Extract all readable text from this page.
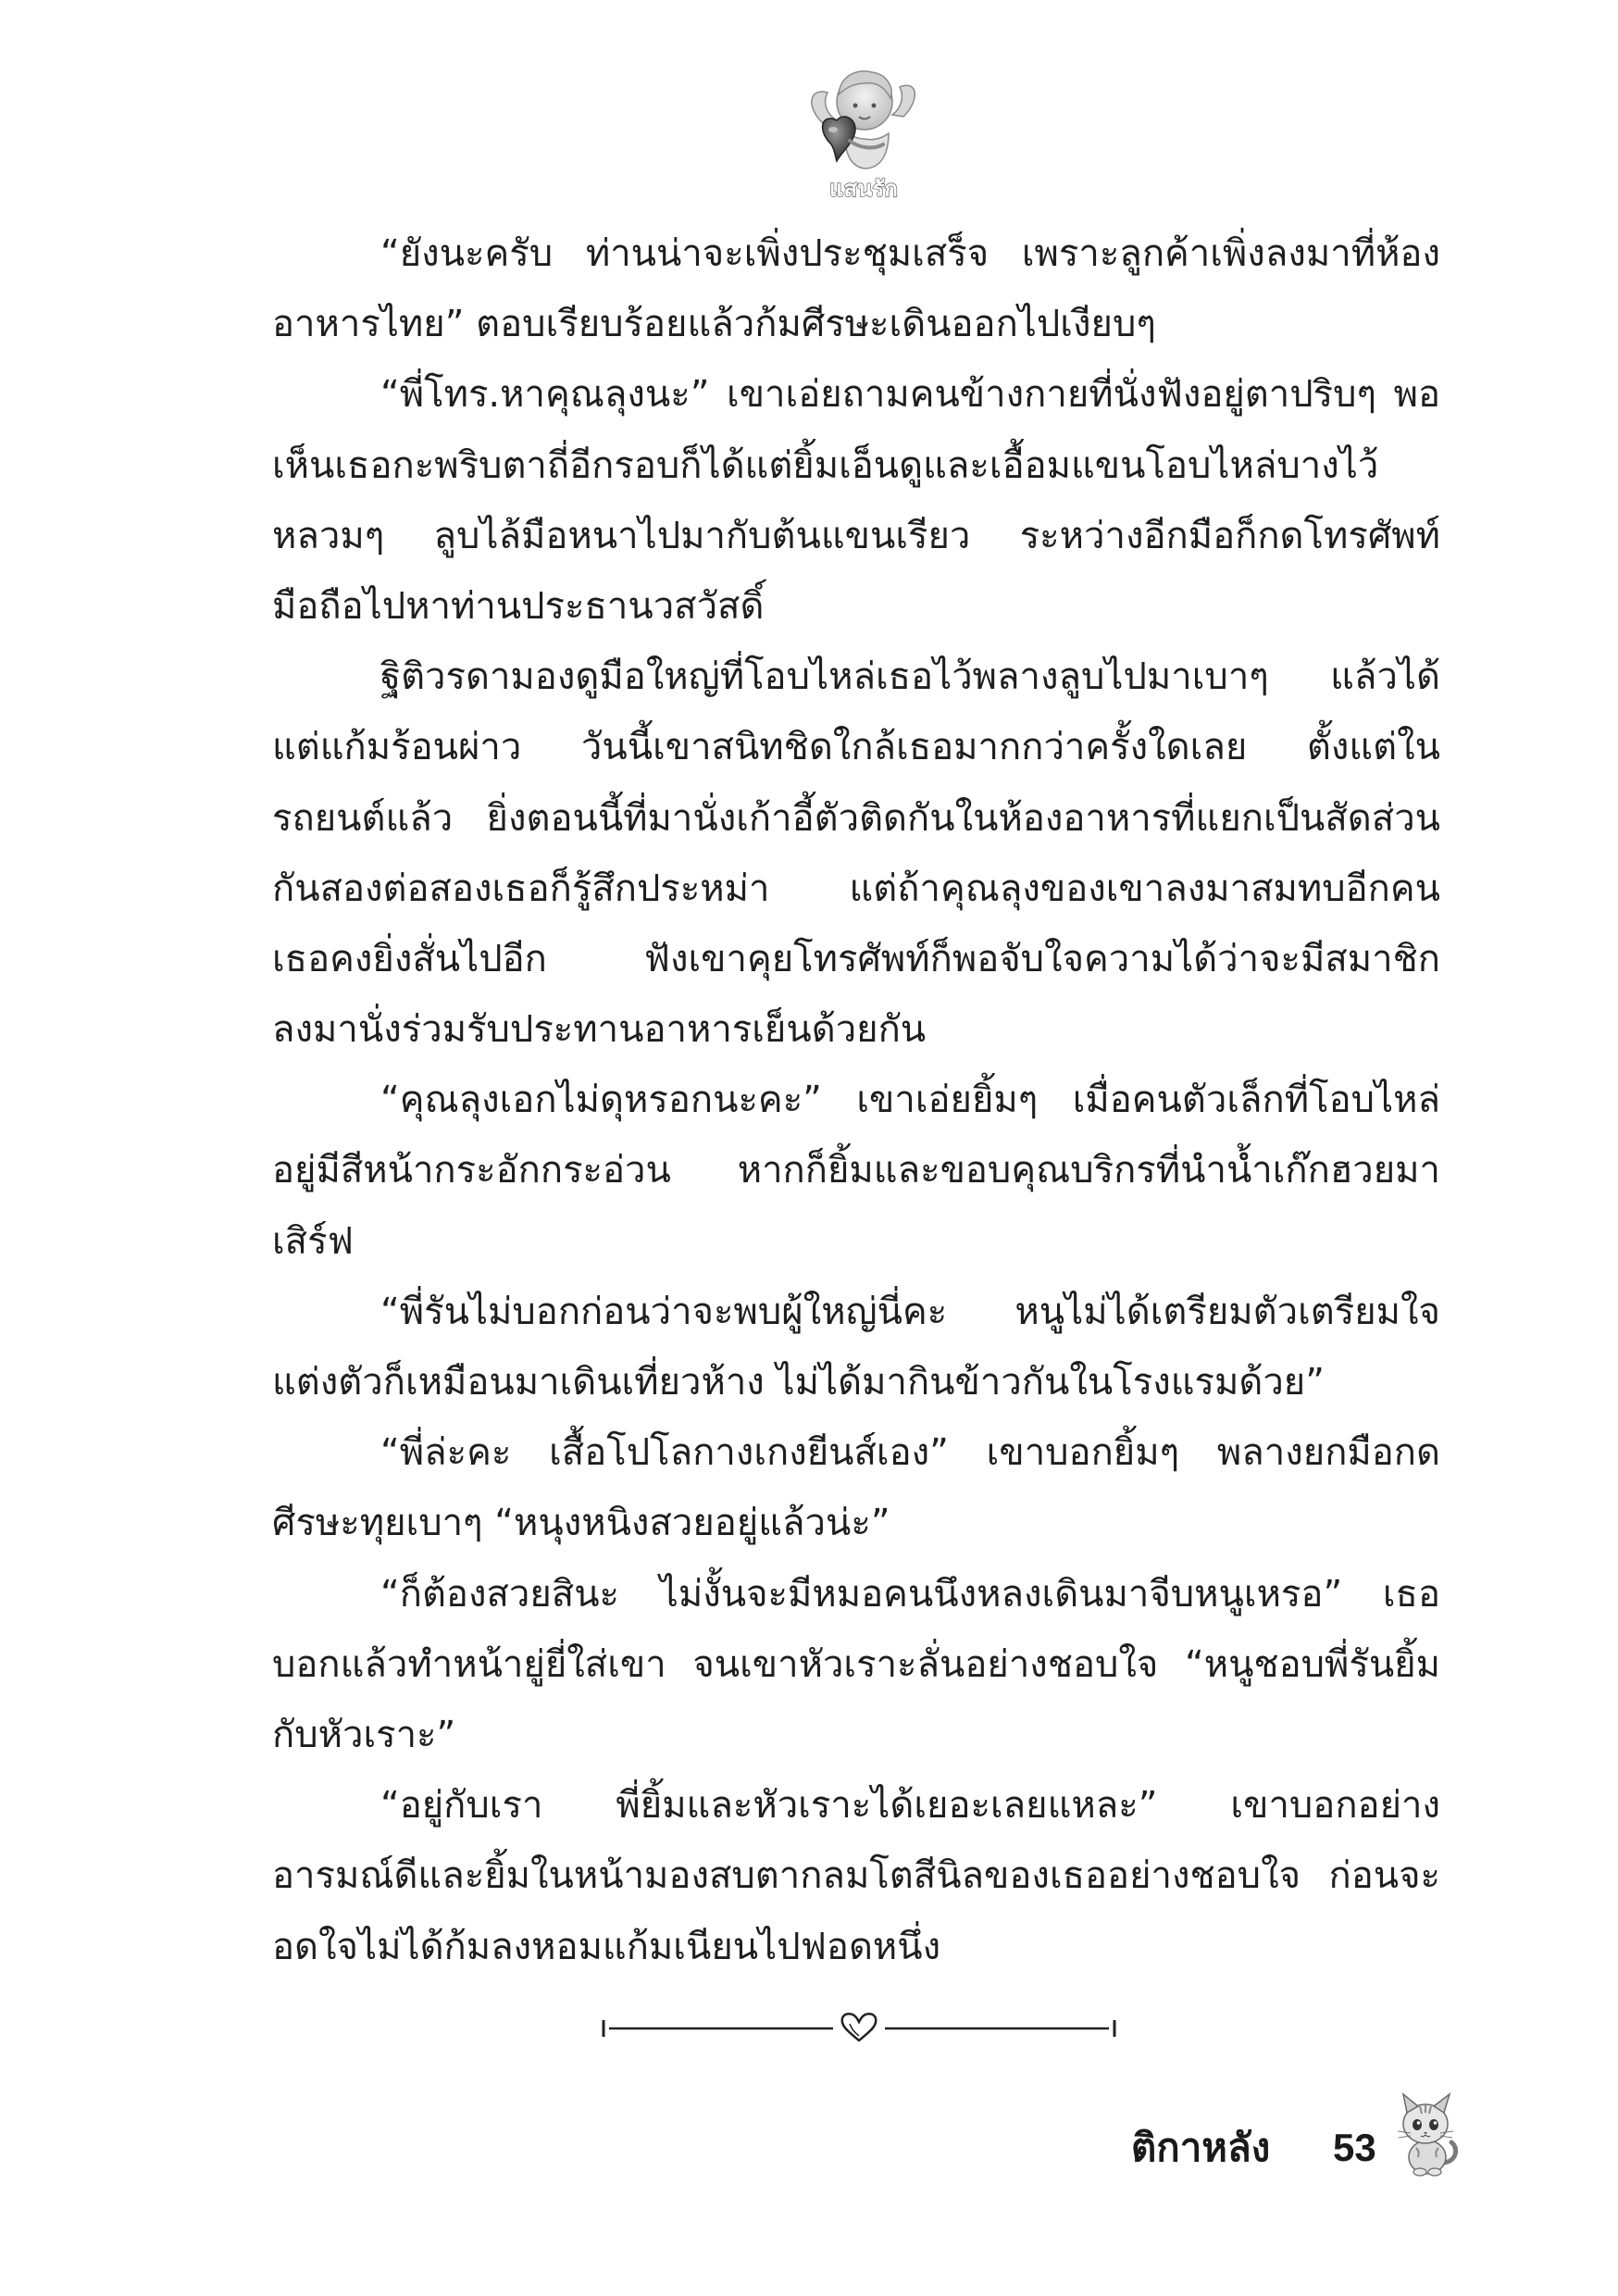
แสนรัก
“ยังนะครับ ท่านน่าจะเพิ่งประชุมเสร็จ เพราะลูกค้าเพิ่งลงมาที่ห้อง
อาหารไทย” ตอบเรียบร้อยแล้วก้มศีรษะเดินออกไปเงียบๆ
“พี่โทร.หาคุณลุงนะ” เขาเอ่ยถามคนข้างกายที่นั่งฟังอยู่ตาปริบๆ พอ
เห็นเธอกะพริบตาถี่อีกรอบก็ได้แต่ยิ้มเอ็นดูและเอื้อมแขนโอบไหล่บางไว้
หลวมๆ ลูบไล้มือหนาไปมากับต้นแขนเรียว ระหว่างอีกมือก็กดโทรศัพท์
มือถือไปหาท่านประธานวสวัสดิ์
ฐิติวรดามองดูมือใหญ่ที่โอบไหล่เธอไว้พลางลูบไปมาเบาๆ แล้วได้
แต่แก้มร้อนผ่าว วันนี้เขาสนิทชิดใกล้เธอมากกว่าครั้งใดเลย ตั้งแต่ใน
รถยนต์แล้ว ยิ่งตอนนี้ที่มานั่งเก้าอี้ตัวติดกันในห้องอาหารที่แยกเป็นสัดส่วน
กันสองต่อสองเธอก็รู้สึกประหม่า แต่ถ้าคุณลุงของเขาลงมาสมทบอีกคน
เธอคงยิ่งสั่นไปอีก ฟังเขาคุยโทรศัพท์ก็พอจับใจความได้ว่าจะมีสมาชิก
ลงมานั่งร่วมรับประทานอาหารเย็นด้วยกัน
“คุณลุงเอกไม่ดุหรอกนะคะ” เขาเอ่ยยิ้มๆ เมื่อคนตัวเล็กที่โอบไหล่
อยู่มีสีหน้ากระอักกระอ่วน หากก็ยิ้มและขอบคุณบริกรที่นำน้ำเก๊กฮวยมา
เสิร์ฟ
“พี่รันไม่บอกก่อนว่าจะพบผู้ใหญ่นี่คะ หนูไม่ได้เตรียมตัวเตรียมใจ
แต่งตัวก็เหมือนมาเดินเที่ยวห้าง ไม่ได้มากินข้าวกันในโรงแรมด้วย”
“พี่ล่ะคะ เสื้อโปโลกางเกงยีนส์เอง” เขาบอกยิ้มๆ พลางยกมือกด
ศีรษะทุยเบาๆ “หนุงหนิงสวยอยู่แล้วน่ะ”
“ก็ต้องสวยสินะ ไม่งั้นจะมีหมอคนนึงหลงเดินมาจีบหนูเหรอ” เธอ
บอกแล้วทำหน้ายู่ยี่ใส่เขา จนเขาหัวเราะลั่นอย่างชอบใจ “หนูชอบพี่รันยิ้ม
กับหัวเราะ”
“อยู่กับเรา พี่ยิ้มและหัวเราะได้เยอะเลยแหละ” เขาบอกอย่าง
อารมณ์ดีและยิ้มในหน้ามองสบตากลมโตสีนิลของเธออย่างชอบใจ ก่อนจะ
อดใจไม่ได้ก้มลงหอมแก้มเนียนไปฟอดหนึ่ง
ติกาหลัง 53
